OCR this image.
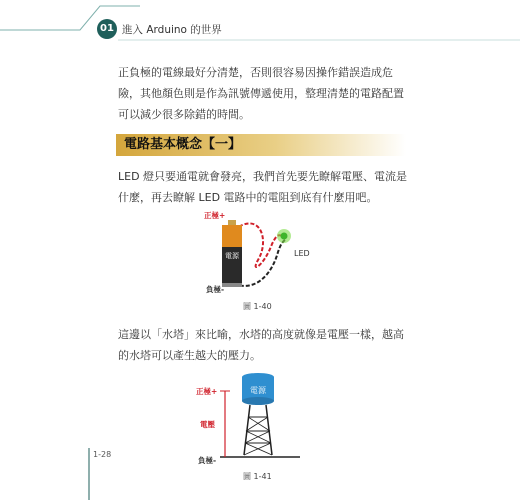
01 進入 Arduino 的世界

正負極的電線最好分清楚，否則很容易因操作錯誤造成危險，其他顏色則是作為訊號傳遞使用，整理清楚的電路配置可以減少很多除錯的時間。

電路基本概念【一】

LED 燈只要通電就會發亮，我們首先要先瞭解電壓、電流是什麼，再去瞭解 LED 電路中的電阻到底有什麼用吧。

電源	LED
正極+
負極-
圖 1-40

這邊以「水塔」來比喻，水塔的高度就像是電壓一樣，越高的水塔可以產生越大的壓力。

電源
正極+
電壓
負極-
圖 1-41
1-28
